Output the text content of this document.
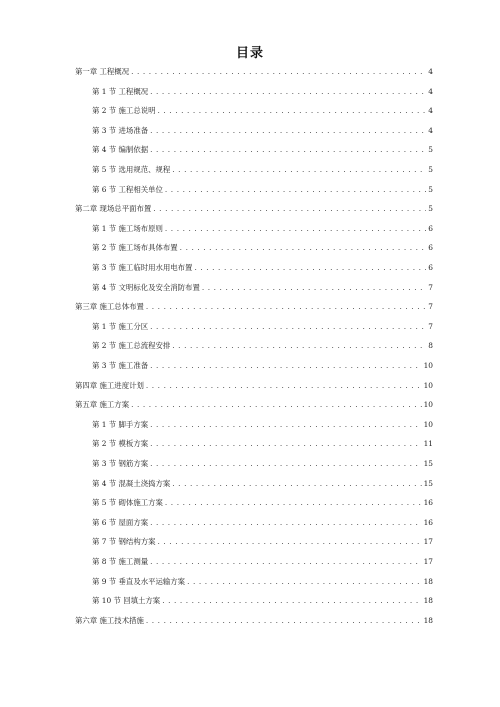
目录
第一章 工程概况 . . .	4
第 1 节 工程概况 . . .	4
第 2 节 施工总说明 . . .	4
第 3 节 进场准备 . . .	4
第 4 节 编制依据 . . .	5
第 5 节 选用规范、规程 . . .	5
第 6 节 工程相关单位 . . .	5
第二章 现场总平面布置 . . .	5
第 1 节 施工场布原则 . . .	6
第 2 节 施工场布具体布置 . . .	6
第 3 节 施工临时用水用电布置 . . .	6
第 4 节 文明标化及安全消防布置 . . .	7
第三章 施工总体布置 . . .	7
第 1 节 施工分区 . . .	7
第 2 节 施工总流程安排 . . .	8
第 3 节 施工准备 . . .	10
第四章 施工进度计划 . . .	10
第五章 施工方案 . . .	10
第 1 节 脚手方案 . . .	10
第 2 节 模板方案 . . .	11
第 3 节 钢筋方案 . . .	15
第 4 节 混凝土浇捣方案 . . .	15
第 5 节 砌体施工方案 . . .	16
第 6 节 屋面方案 . . .	16
第 7 节 钢结构方案 . . .	17
第 8 节 施工测量 . . .	17
第 9 节 垂直及水平运输方案 . . .	18
第 10 节 回填土方案 . . .	18
第六章 施工技术措施 . . .	18
